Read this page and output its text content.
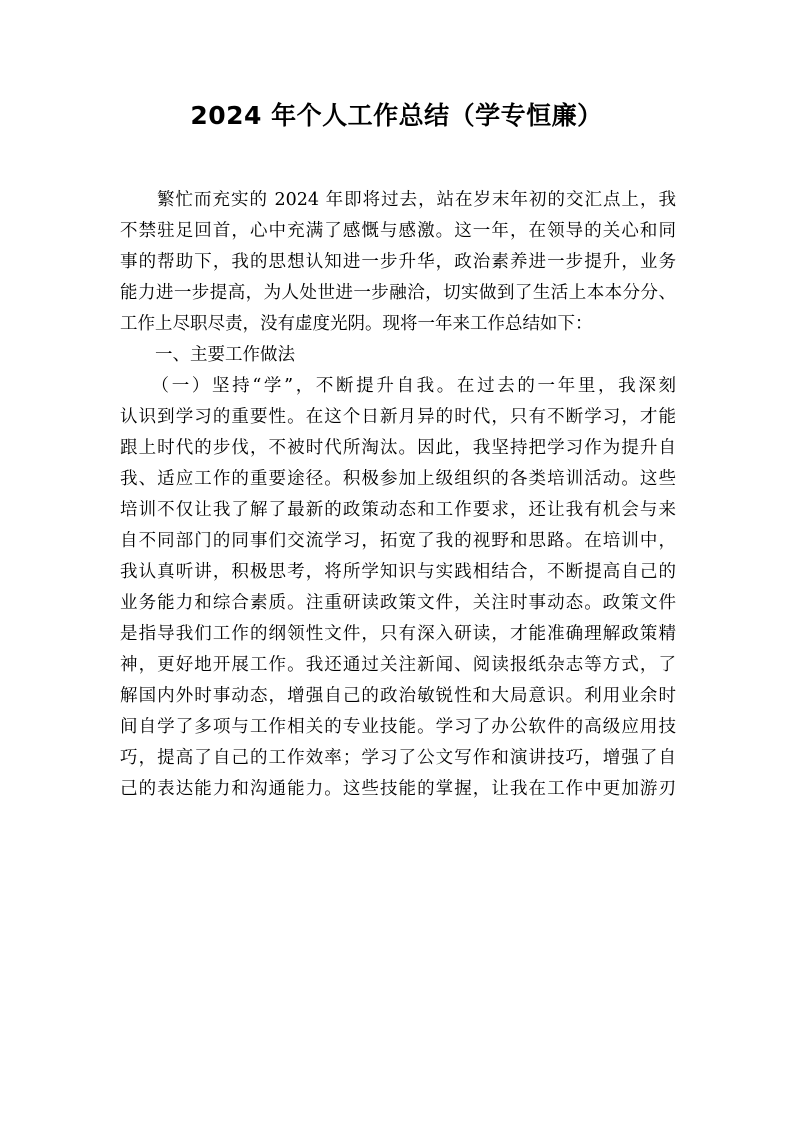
2024 年个人工作总结（学专恒廉）
　　繁忙而充实的 2024 年即将过去，站在岁末年初的交汇点上，我
不禁驻足回首，心中充满了感慨与感激。这一年，在领导的关心和同
事的帮助下，我的思想认知进一步升华，政治素养进一步提升，业务
能力进一步提高，为人处世进一步融洽，切实做到了生活上本本分分、
工作上尽职尽责，没有虚度光阴。现将一年来工作总结如下：
　　一、主要工作做法
　　（一）坚持“学”，不断提升自我。在过去的一年里，我深刻
认识到学习的重要性。在这个日新月异的时代，只有不断学习，才能
跟上时代的步伐，不被时代所淘汰。因此，我坚持把学习作为提升自
我、适应工作的重要途径。积极参加上级组织的各类培训活动。这些
培训不仅让我了解了最新的政策动态和工作要求，还让我有机会与来
自不同部门的同事们交流学习，拓宽了我的视野和思路。在培训中，
我认真听讲，积极思考，将所学知识与实践相结合，不断提高自己的
业务能力和综合素质。注重研读政策文件，关注时事动态。政策文件
是指导我们工作的纲领性文件，只有深入研读，才能准确理解政策精
神，更好地开展工作。我还通过关注新闻、阅读报纸杂志等方式，了
解国内外时事动态，增强自己的政治敏锐性和大局意识。利用业余时
间自学了多项与工作相关的专业技能。学习了办公软件的高级应用技
巧，提高了自己的工作效率；学习了公文写作和演讲技巧，增强了自
己的表达能力和沟通能力。这些技能的掌握，让我在工作中更加游刃
